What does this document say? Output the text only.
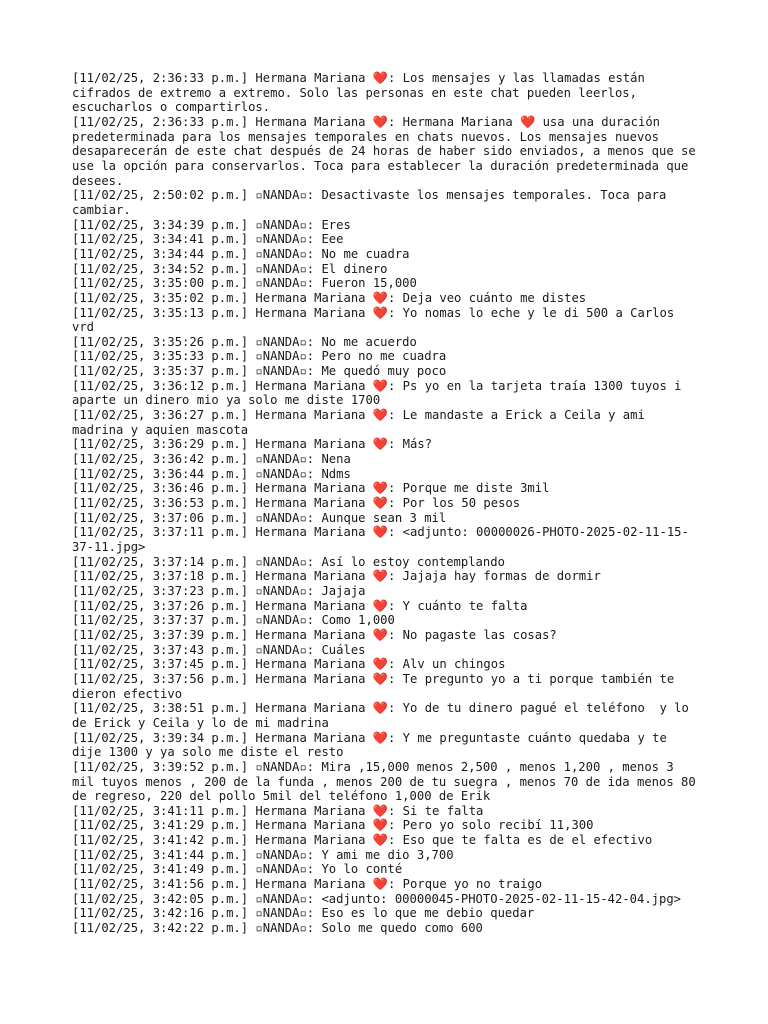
[11/02/25, 2:36:33 p.m.] Hermana Mariana ❤️: Los mensajes y las llamadas están cifrados de extremo a extremo. Solo las personas en este chat pueden leerlos, escucharlos o compartirlos.
[11/02/25, 2:36:33 p.m.] Hermana Mariana ❤️: Hermana Mariana ❤️ usa una duración predeterminada para los mensajes temporales en chats nuevos. Los mensajes nuevos desaparecerán de este chat después de 24 horas de haber sido enviados, a menos que se use la opción para conservarlos. Toca para establecer la duración predeterminada que desees.
[11/02/25, 2:50:02 p.m.] ▫NANDA▫: Desactivaste los mensajes temporales. Toca para cambiar.
[11/02/25, 3:34:39 p.m.] ▫NANDA▫: Eres
[11/02/25, 3:34:41 p.m.] ▫NANDA▫: Eee
[11/02/25, 3:34:44 p.m.] ▫NANDA▫: No me cuadra
[11/02/25, 3:34:52 p.m.] ▫NANDA▫: El dinero
[11/02/25, 3:35:00 p.m.] ▫NANDA▫: Fueron 15,000
[11/02/25, 3:35:02 p.m.] Hermana Mariana ❤️: Deja veo cuánto me distes
[11/02/25, 3:35:13 p.m.] Hermana Mariana ❤️: Yo nomas lo eche y le di 500 a Carlos vrd
[11/02/25, 3:35:26 p.m.] ▫NANDA▫: No me acuerdo
[11/02/25, 3:35:33 p.m.] ▫NANDA▫: Pero no me cuadra
[11/02/25, 3:35:37 p.m.] ▫NANDA▫: Me quedó muy poco
[11/02/25, 3:36:12 p.m.] Hermana Mariana ❤️: Ps yo en la tarjeta traía 1300 tuyos i aparte un dinero mio ya solo me diste 1700
[11/02/25, 3:36:27 p.m.] Hermana Mariana ❤️: Le mandaste a Erick a Ceila y ami madrina y aquien mascota
[11/02/25, 3:36:29 p.m.] Hermana Mariana ❤️: Más?
[11/02/25, 3:36:42 p.m.] ▫NANDA▫: Nena
[11/02/25, 3:36:44 p.m.] ▫NANDA▫: Ndms
[11/02/25, 3:36:46 p.m.] Hermana Mariana ❤️: Porque me diste 3mil
[11/02/25, 3:36:53 p.m.] Hermana Mariana ❤️: Por los 50 pesos
[11/02/25, 3:37:06 p.m.] ▫NANDA▫: Aunque sean 3 mil
[11/02/25, 3:37:11 p.m.] Hermana Mariana ❤️: <adjunto: 00000026-PHOTO-2025-02-11-15-37-11.jpg>
[11/02/25, 3:37:14 p.m.] ▫NANDA▫: Así lo estoy contemplando
[11/02/25, 3:37:18 p.m.] Hermana Mariana ❤️: Jajaja hay formas de dormir
[11/02/25, 3:37:23 p.m.] ▫NANDA▫: Jajaja
[11/02/25, 3:37:26 p.m.] Hermana Mariana ❤️: Y cuánto te falta
[11/02/25, 3:37:37 p.m.] ▫NANDA▫: Como 1,000
[11/02/25, 3:37:39 p.m.] Hermana Mariana ❤️: No pagaste las cosas?
[11/02/25, 3:37:43 p.m.] ▫NANDA▫: Cuáles
[11/02/25, 3:37:45 p.m.] Hermana Mariana ❤️: Alv un chingos
[11/02/25, 3:37:56 p.m.] Hermana Mariana ❤️: Te pregunto yo a ti porque también te dieron efectivo
[11/02/25, 3:38:51 p.m.] Hermana Mariana ❤️: Yo de tu dinero pagué el teléfono  y lo de Erick y Ceila y lo de mi madrina
[11/02/25, 3:39:34 p.m.] Hermana Mariana ❤️: Y me preguntaste cuánto quedaba y te dije 1300 y ya solo me diste el resto
[11/02/25, 3:39:52 p.m.] ▫NANDA▫: Mira ,15,000 menos 2,500 , menos 1,200 , menos 3 mil tuyos menos , 200 de la funda , menos 200 de tu suegra , menos 70 de ida menos 80 de regreso, 220 del pollo 5mil del teléfono 1,000 de Erik
[11/02/25, 3:41:11 p.m.] Hermana Mariana ❤️: Si te falta
[11/02/25, 3:41:29 p.m.] Hermana Mariana ❤️: Pero yo solo recibí 11,300
[11/02/25, 3:41:42 p.m.] Hermana Mariana ❤️: Eso que te falta es de el efectivo
[11/02/25, 3:41:44 p.m.] ▫NANDA▫: Y ami me dio 3,700
[11/02/25, 3:41:49 p.m.] ▫NANDA▫: Yo lo conté
[11/02/25, 3:41:56 p.m.] Hermana Mariana ❤️: Porque yo no traigo
[11/02/25, 3:42:05 p.m.] ▫NANDA▫: <adjunto: 00000045-PHOTO-2025-02-11-15-42-04.jpg>
[11/02/25, 3:42:16 p.m.] ▫NANDA▫: Eso es lo que me debio quedar
[11/02/25, 3:42:22 p.m.] ▫NANDA▫: Solo me quedo como 600
